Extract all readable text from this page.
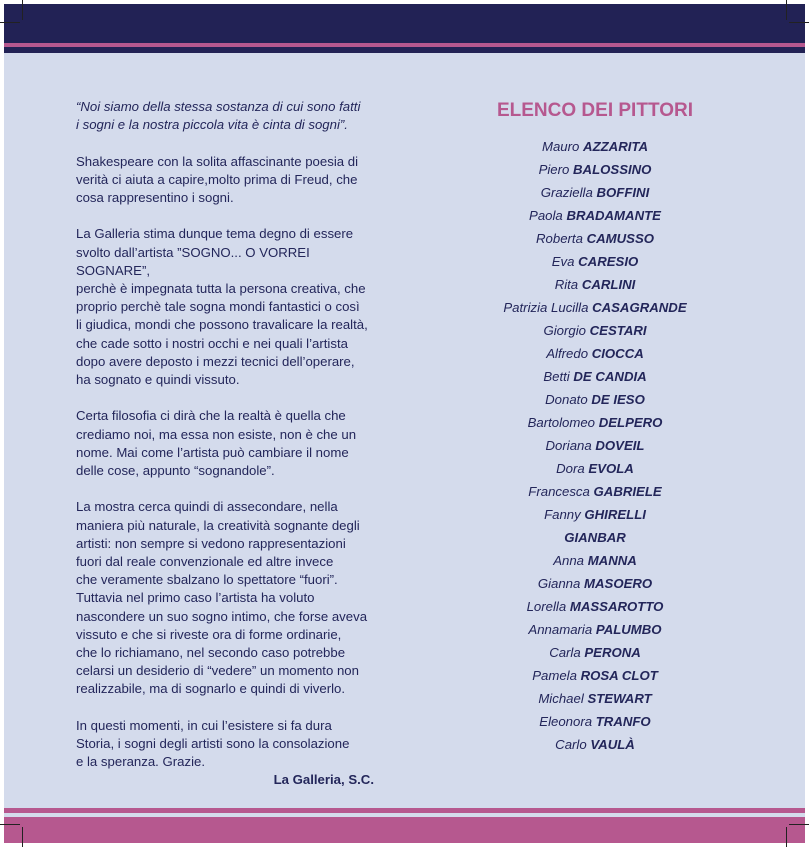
“Noi siamo della stessa sostanza di cui sono fatti
i sogni e la nostra piccola vita è cinta di sogni”.

Shakespeare con la solita affascinante poesia di
verità ci aiuta a capire,molto prima di Freud, che
cosa rappresentino i sogni.

La Galleria stima dunque tema degno di essere
svolto dall’artista ”SOGNO... O VORREI SOGNARE”,
perchè è impegnata tutta la persona creativa, che
proprio perchè tale sogna mondi fantastici o così
li giudica, mondi che possono travalicare la realtà,
che cade sotto i nostri occhi e nei quali l’artista
dopo avere deposto i mezzi tecnici dell’operare,
ha sognato e quindi vissuto.

Certa filosofia ci dirà che la realtà è quella che
crediamo noi, ma essa non esiste, non è che un
nome. Mai come l’artista può cambiare il nome
delle cose, appunto “sognandole”.

La mostra cerca quindi di assecondare, nella
maniera più naturale, la creatività sognante degli
artisti: non sempre si vedono rappresentazioni
fuori dal reale convenzionale ed altre invece
che veramente sbalzano lo spettatore “fuori”.
Tuttavia nel primo caso l’artista ha voluto
nascondere un suo sogno intimo, che forse aveva
vissuto e che si riveste ora di forme ordinarie,
che lo richiamano, nel secondo caso potrebbe
celarsi un desiderio di “vedere” un momento non
realizzabile, ma di sognarlo e quindi di viverlo.

In questi momenti, in cui l’esistere si fa dura
Storia, i sogni degli artisti sono la consolazione
e la speranza. Grazie.

La Galleria, S.C.
ELENCO DEI PITTORI
Mauro AZZARITA
Piero BALOSSINO
Graziella BOFFINI
Paola BRADAMANTE
Roberta CAMUSSO
Eva CARESIO
Rita CARLINI
Patrizia Lucilla CASAGRANDE
Giorgio CESTARI
Alfredo CIOCCA
Betti DE CANDIA
Donato DE IESO
Bartolomeo DELPERO
Doriana DOVEIL
Dora EVOLA
Francesca GABRIELE
Fanny GHIRELLI
GIANBAR
Anna MANNA
Gianna MASOERO
Lorella MASSAROTTO
Annamaria PALUMBO
Carla PERONA
Pamela ROSA CLOT
Michael STEWART
Eleonora TRANFO
Carlo VAULÀ
